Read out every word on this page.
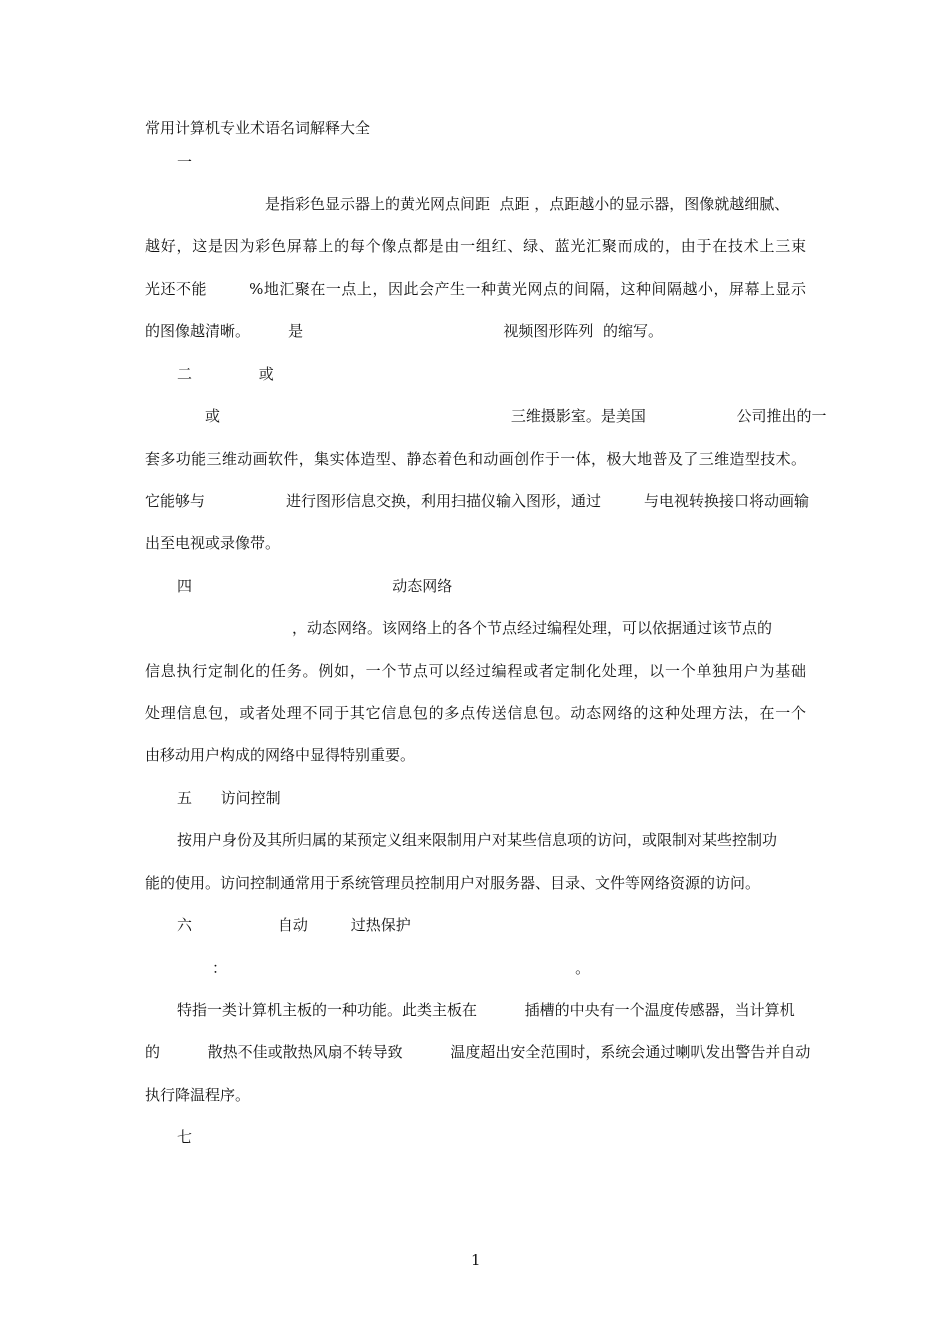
常用计算机专业术语名词解释大全

一

是指彩色显示器上的黄光网点间距  点距 ，点距越小的显示器，图像就越细腻、

越好，这是因为彩色屏幕上的每个像点都是由一组红、绿、蓝光汇聚而成的，由于在技术上三束

光还不能        %地汇聚在一点上，因此会产生一种黄光网点的间隔，这种间隔越小，屏幕上显示

的图像越清晰。        是                                          视频图形阵列  的缩写。

二              或

或                                                             三维摄影室。是美国                   公司推出的一

套多功能三维动画软件，集实体造型、静态着色和动画创作于一体，极大地普及了三维造型技术。

它能够与                 进行图形信息交换，利用扫描仪输入图形，通过         与电视转换接口将动画输

出至电视或录像带。

四                                          动态网络

，动态网络。该网络上的各个节点经过编程处理，可以依据通过该节点的

信息执行定制化的任务。例如，一个节点可以经过编程或者定制化处理，以一个单独用户为基础

处理信息包，或者处理不同于其它信息包的多点传送信息包。动态网络的这种处理方法，在一个

由移动用户构成的网络中显得特别重要。

五      访问控制

按用户身份及其所归属的某预定义组来限制用户对某些信息项的访问，或限制对某些控制功

能的使用。访问控制通常用于系统管理员控制用户对服务器、目录、文件等网络资源的访问。

六                  自动         过热保护

：                                                                         。

特指一类计算机主板的一种功能。此类主板在          插槽的中央有一个温度传感器，当计算机

的          散热不佳或散热风扇不转导致          温度超出安全范围时，系统会通过喇叭发出警告并自动

执行降温程序。

七

1
